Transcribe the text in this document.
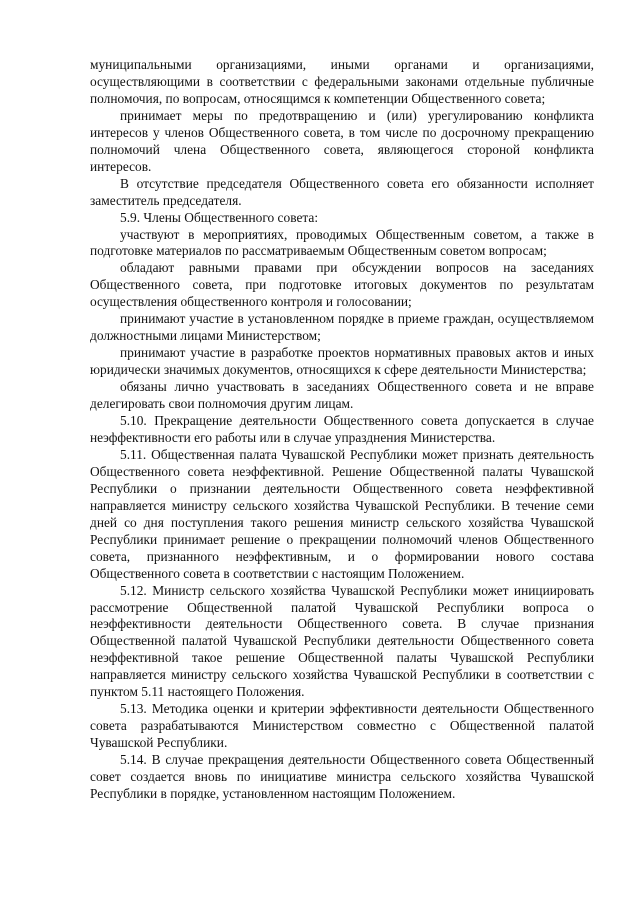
муниципальными организациями, иными органами и организациями, осуществляющими в соответствии с федеральными законами отдельные публичные полномочия, по вопросам, относящимся к компетенции Общественного совета;

принимает меры по предотвращению и (или) урегулированию конфликта интересов у членов Общественного совета, в том числе по досрочному прекращению полномочий члена Общественного совета, являющегося стороной конфликта интересов.

В отсутствие председателя Общественного совета его обязанности исполняет заместитель председателя.

5.9. Члены Общественного совета:

участвуют в мероприятиях, проводимых Общественным советом, а также в подготовке материалов по рассматриваемым Общественным советом вопросам;

обладают равными правами при обсуждении вопросов на заседаниях Общественного совета, при подготовке итоговых документов по результатам осуществления общественного контроля и голосовании;

принимают участие в установленном порядке в приеме граждан, осуществляемом должностными лицами Министерством;

принимают участие в разработке проектов нормативных правовых актов и иных юридически значимых документов, относящихся к сфере деятельности Министерства;

обязаны лично участвовать в заседаниях Общественного совета и не вправе делегировать свои полномочия другим лицам.

5.10. Прекращение деятельности Общественного совета допускается в случае неэффективности его работы или в случае упразднения Министерства.

5.11. Общественная палата Чувашской Республики может признать деятельность Общественного совета неэффективной. Решение Общественной палаты Чувашской Республики о признании деятельности Общественного совета неэффективной направляется министру сельского хозяйства Чувашской Республики. В течение семи дней со дня поступления такого решения министр сельского хозяйства Чувашской Республики принимает решение о прекращении полномочий членов Общественного совета, признанного неэффективным, и о формировании нового состава Общественного совета в соответствии с настоящим Положением.

5.12. Министр сельского хозяйства Чувашской Республики может инициировать рассмотрение Общественной палатой Чувашской Республики вопроса о неэффективности деятельности Общественного совета. В случае признания Общественной палатой Чувашской Республики деятельности Общественного совета неэффективной такое решение Общественной палаты Чувашской Республики направляется министру сельского хозяйства Чувашской Республики в соответствии с пунктом 5.11 настоящего Положения.

5.13. Методика оценки и критерии эффективности деятельности Общественного совета разрабатываются Министерством совместно с Общественной палатой Чувашской Республики.

5.14. В случае прекращения деятельности Общественного совета Общественный совет создается вновь по инициативе министра сельского хозяйства Чувашской Республики в порядке, установленном настоящим Положением.
